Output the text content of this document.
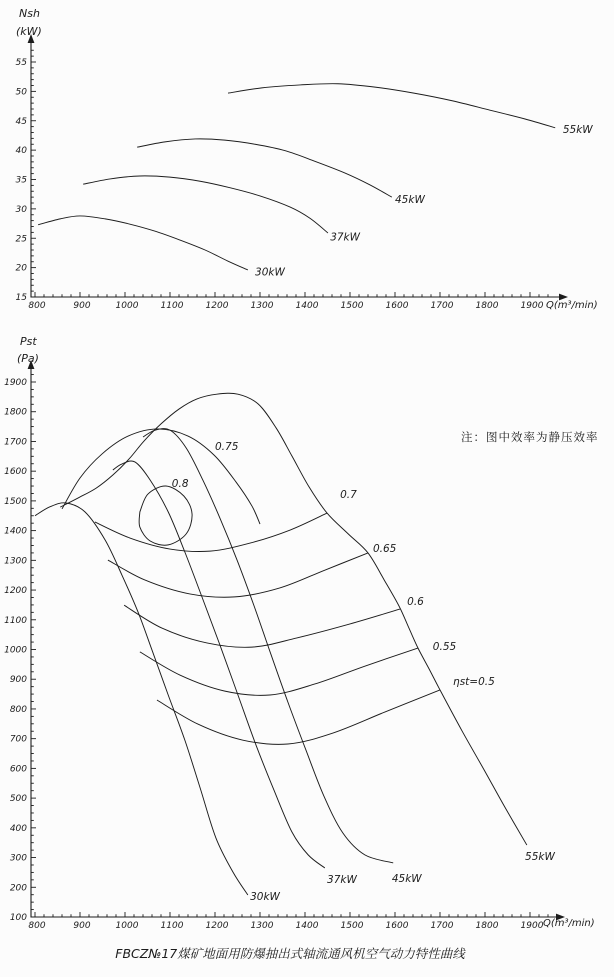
800	900	1000 1100 1200 1300 1400 1500 1600 1700 1800 1900
15
20
25
30
35
40
45
50
55
30kW
37kW
45kW
55kW
800	900	1000 1100 1200 1300 1400 1500 1600 1700 1800 1900
100
200
300
400
500
600
700
800
900
1000
1100
1200
1300
1400
1500
1600
1700
1800
1900
30kW
37kW	45kW
55kW
0.8
0.75
0.7
0.65
0.6
0.55
ηst=0.5
Nsh
(kW)
Q(m³/min)
Pst
(Pa)
Q(m³/min)
注：图中效率为静压效率
FBCZ№17煤矿地面用防爆抽出式轴流通风机空气动力特性曲线
